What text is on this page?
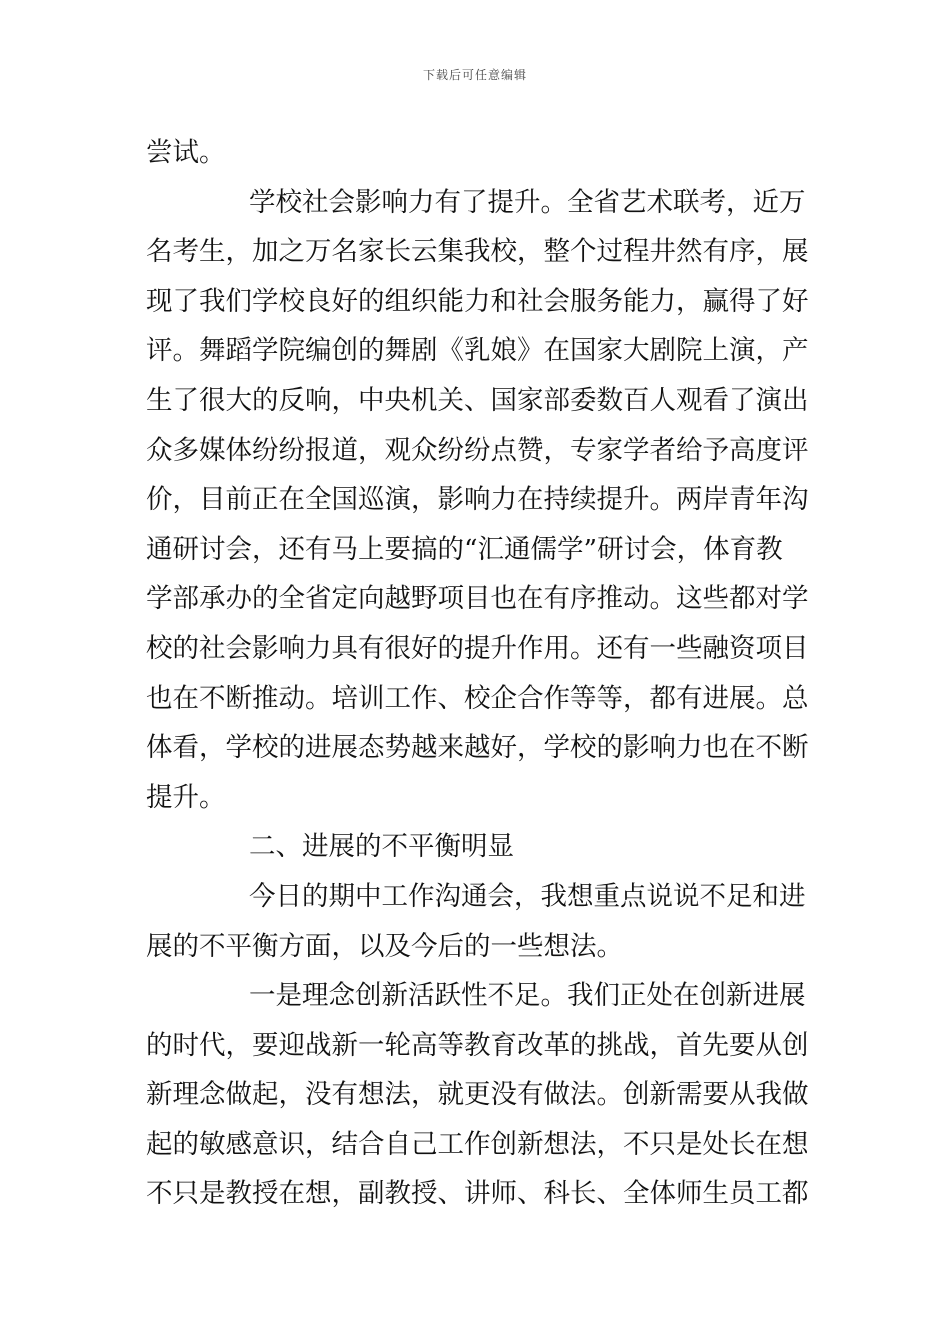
下载后可任意编辑
尝试。
学校社会影响力有了提升。全省艺术联考，近万
名考生，加之万名家长云集我校，整个过程井然有序，展
现了我们学校良好的组织能力和社会服务能力，赢得了好
评。舞蹈学院编创的舞剧《乳娘》在国家大剧院上演，产
生了很大的反响，中央机关、国家部委数百人观看了演出
众多媒体纷纷报道，观众纷纷点赞，专家学者给予高度评
价，目前正在全国巡演，影响力在持续提升。两岸青年沟
通研讨会，还有马上要搞的“汇通儒学”研讨会，体育教
学部承办的全省定向越野项目也在有序推动。这些都对学
校的社会影响力具有很好的提升作用。还有一些融资项目
也在不断推动。培训工作、校企合作等等，都有进展。总
体看，学校的进展态势越来越好，学校的影响力也在不断
提升。
二、进展的不平衡明显
今日的期中工作沟通会，我想重点说说不足和进
展的不平衡方面，以及今后的一些想法。
一是理念创新活跃性不足。我们正处在创新进展
的时代，要迎战新一轮高等教育改革的挑战，首先要从创
新理念做起，没有想法，就更没有做法。创新需要从我做
起的敏感意识，结合自己工作创新想法，不只是处长在想
不只是教授在想，副教授、讲师、科长、全体师生员工都
